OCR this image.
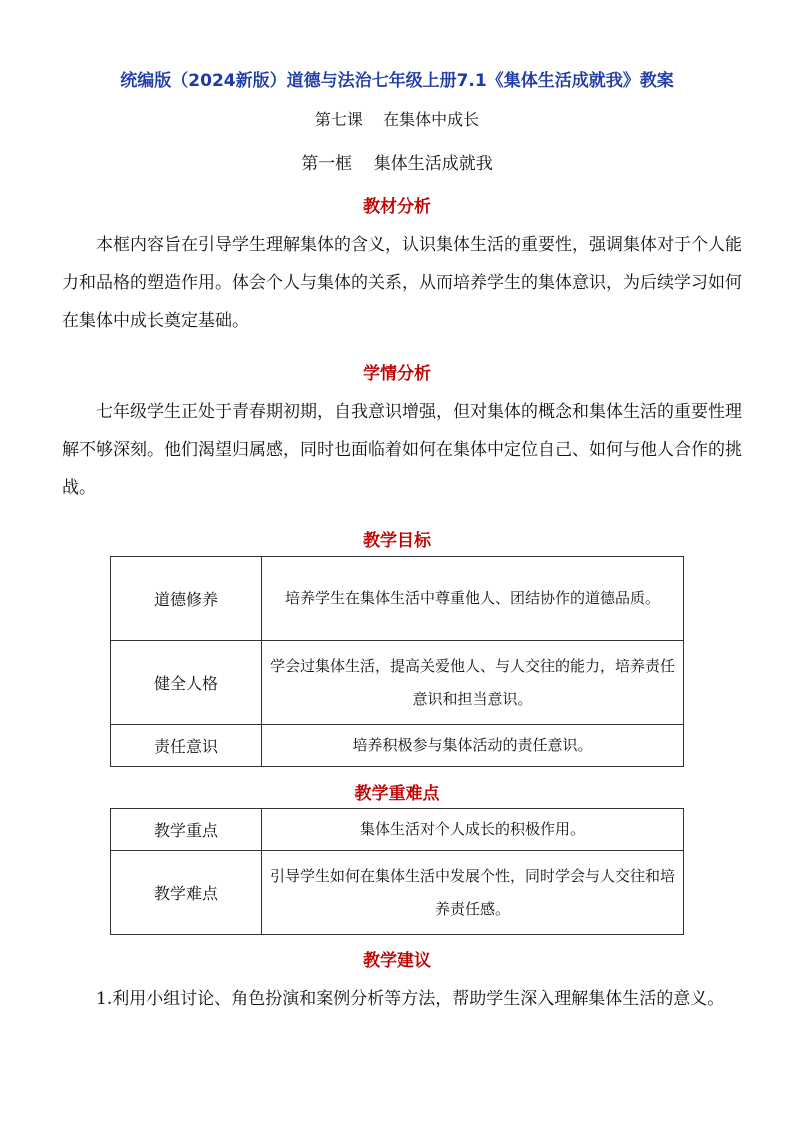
统编版（2024新版）道德与法治七年级上册7.1《集体生活成就我》教案
第七课    在集体中成长
第一框    集体生活成就我
教材分析
本框内容旨在引导学生理解集体的含义，认识集体生活的重要性，强调集体对于个人能力和品格的塑造作用。体会个人与集体的关系，从而培养学生的集体意识，为后续学习如何在集体中成长奠定基础。
学情分析
七年级学生正处于青春期初期，自我意识增强，但对集体的概念和集体生活的重要性理解不够深刻。他们渴望归属感，同时也面临着如何在集体中定位自己、如何与他人合作的挑战。
教学目标
道德修养	培养学生在集体生活中尊重他人、团结协作的道德品质。
健全人格	学会过集体生活，提高关爱他人、与人交往的能力，培养责任意识和担当意识。
责任意识	培养积极参与集体活动的责任意识。
教学重难点
教学重点	集体生活对个人成长的积极作用。
教学难点	引导学生如何在集体生活中发展个性，同时学会与人交往和培养责任感。
教学建议
1.利用小组讨论、角色扮演和案例分析等方法，帮助学生深入理解集体生活的意义。
